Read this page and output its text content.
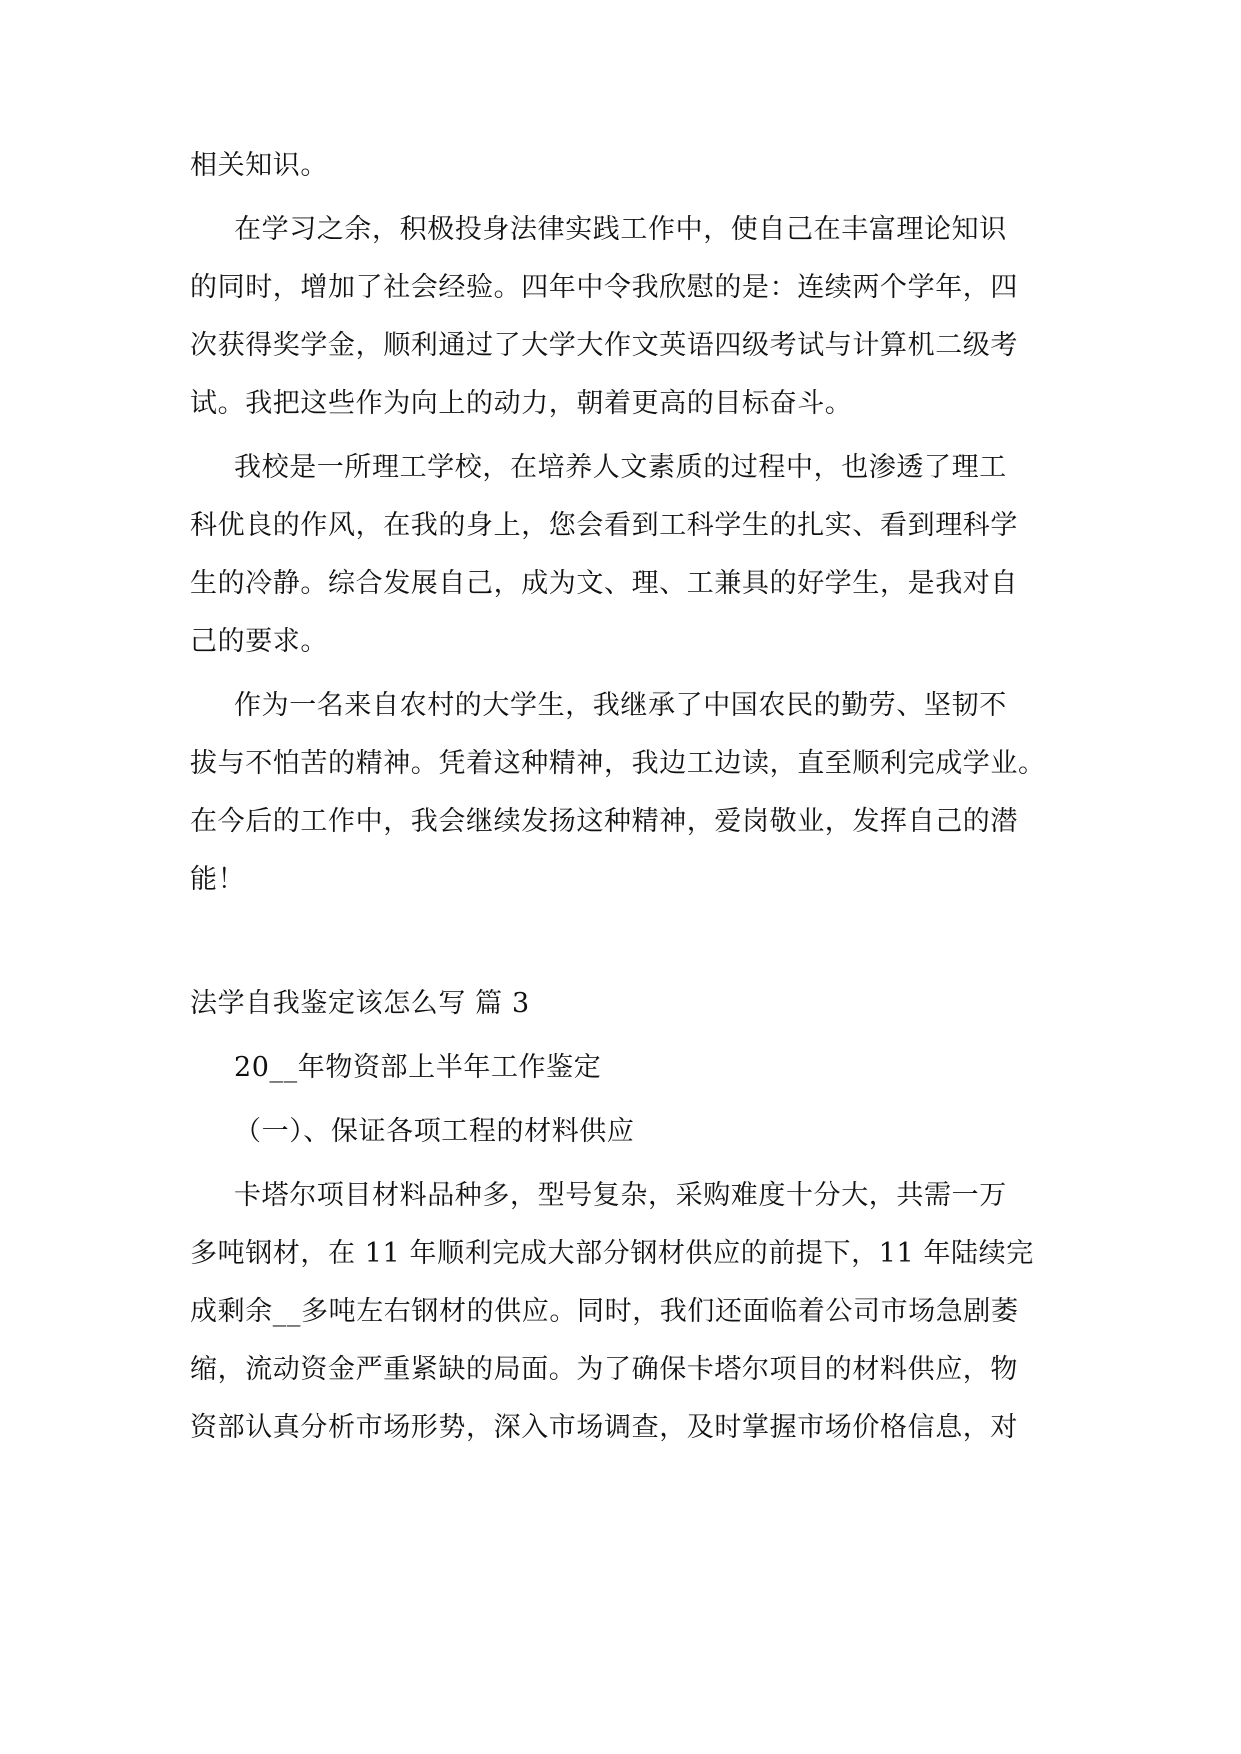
相关知识。
在学习之余，积极投身法律实践工作中，使自己在丰富理论知识
的同时，增加了社会经验。四年中令我欣慰的是：连续两个学年，四
次获得奖学金，顺利通过了大学大作文英语四级考试与计算机二级考
试。我把这些作为向上的动力，朝着更高的目标奋斗。
我校是一所理工学校，在培养人文素质的过程中，也渗透了理工
科优良的作风，在我的身上，您会看到工科学生的扎实、看到理科学
生的冷静。综合发展自己，成为文、理、工兼具的好学生，是我对自
己的要求。
作为一名来自农村的大学生，我继承了中国农民的勤劳、坚韧不
拔与不怕苦的精神。凭着这种精神，我边工边读，直至顺利完成学业。
在今后的工作中，我会继续发扬这种精神，爱岗敬业，发挥自己的潜
能！
法学自我鉴定该怎么写 篇 3
20__年物资部上半年工作鉴定
（一）、保证各项工程的材料供应
卡塔尔项目材料品种多，型号复杂，采购难度十分大，共需一万
多吨钢材，在 11 年顺利完成大部分钢材供应的前提下，11 年陆续完
成剩余__多吨左右钢材的供应。同时，我们还面临着公司市场急剧萎
缩，流动资金严重紧缺的局面。为了确保卡塔尔项目的材料供应，物
资部认真分析市场形势，深入市场调查，及时掌握市场价格信息，对
